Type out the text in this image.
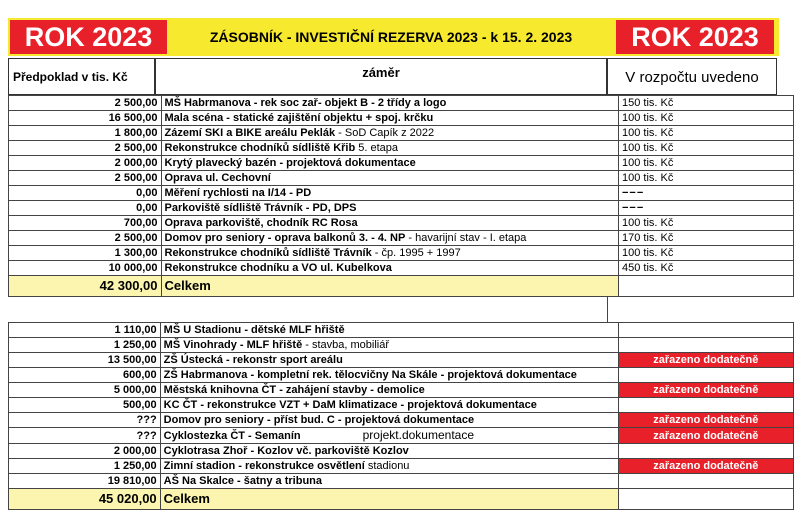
ROK 2023	ZÁSOBNÍK - INVESTIČNÍ REZERVA 2023 - k 15. 2. 2023	ROK 2023
Předpoklad v tis. Kč	záměr	V rozpočtu uvedeno
2 500,00	MŠ Habrmanova - rek soc zař- objekt B - 2 třídy a logo	150 tis. Kč
16 500,00	Mala scéna - statické zajištění objektu + spoj. krčku	100 tis. Kč
1 800,00	Zázemí SKI a BIKE areálu Peklák - SoD Capík z 2022	100 tis. Kč
2 500,00	Rekonstrukce chodníků sídliště Křib 5. etapa	100 tis. Kč
2 000,00	Krytý plavecký bazén - projektová dokumentace	100 tis. Kč
2 500,00	Oprava ul. Cechovní	100 tis. Kč
0,00	Měření rychlosti na I/14 - PD	−−−
0,00	Parkoviště sídliště Trávník - PD, DPS	−−−
700,00	Oprava parkoviště, chodník RC Rosa	100 tis. Kč
2 500,00	Domov pro seniory - oprava balkonů 3. - 4. NP - havarijní stav - I. etapa	170 tis. Kč
1 300,00	Rekonstrukce chodníků sídliště Trávník - čp. 1995 + 1997	100 tis. Kč
10 000,00	Rekonstrukce chodníku a VO ul. Kubelkova	450 tis. Kč
42 300,00	Celkem	
1 110,00	MŠ U Stadionu - dětské MLF hřiště	
1 250,00	MŠ Vinohrady - MLF hřiště - stavba, mobiliář	
13 500,00	ZŠ Ústecká - rekonstr sport areálu	zařazeno dodatečně
600,00	ZŠ Habrmanova - kompletní rek. tělocvičny Na Skále - projektová dokumentace	
5 000,00	Městská knihovna ČT - zahájení stavby - demolice	zařazeno dodatečně
500,00	KC ČT - rekonstrukce VZT + DaM klimatizace - projektová dokumentace	
???	Domov pro seniory - příst bud. C - projektová dokumentace	zařazeno dodatečně
???	Cyklostezka ČT - Semanín projekt.dokumentace	zařazeno dodatečně
2 000,00	Cyklotrasa Zhoř - Kozlov vč. parkoviště Kozlov	
1 250,00	Zimní stadion - rekonstrukce osvětlení stadionu	zařazeno dodatečně
19 810,00	AŠ Na Skalce - šatny a tribuna	
45 020,00	Celkem	
